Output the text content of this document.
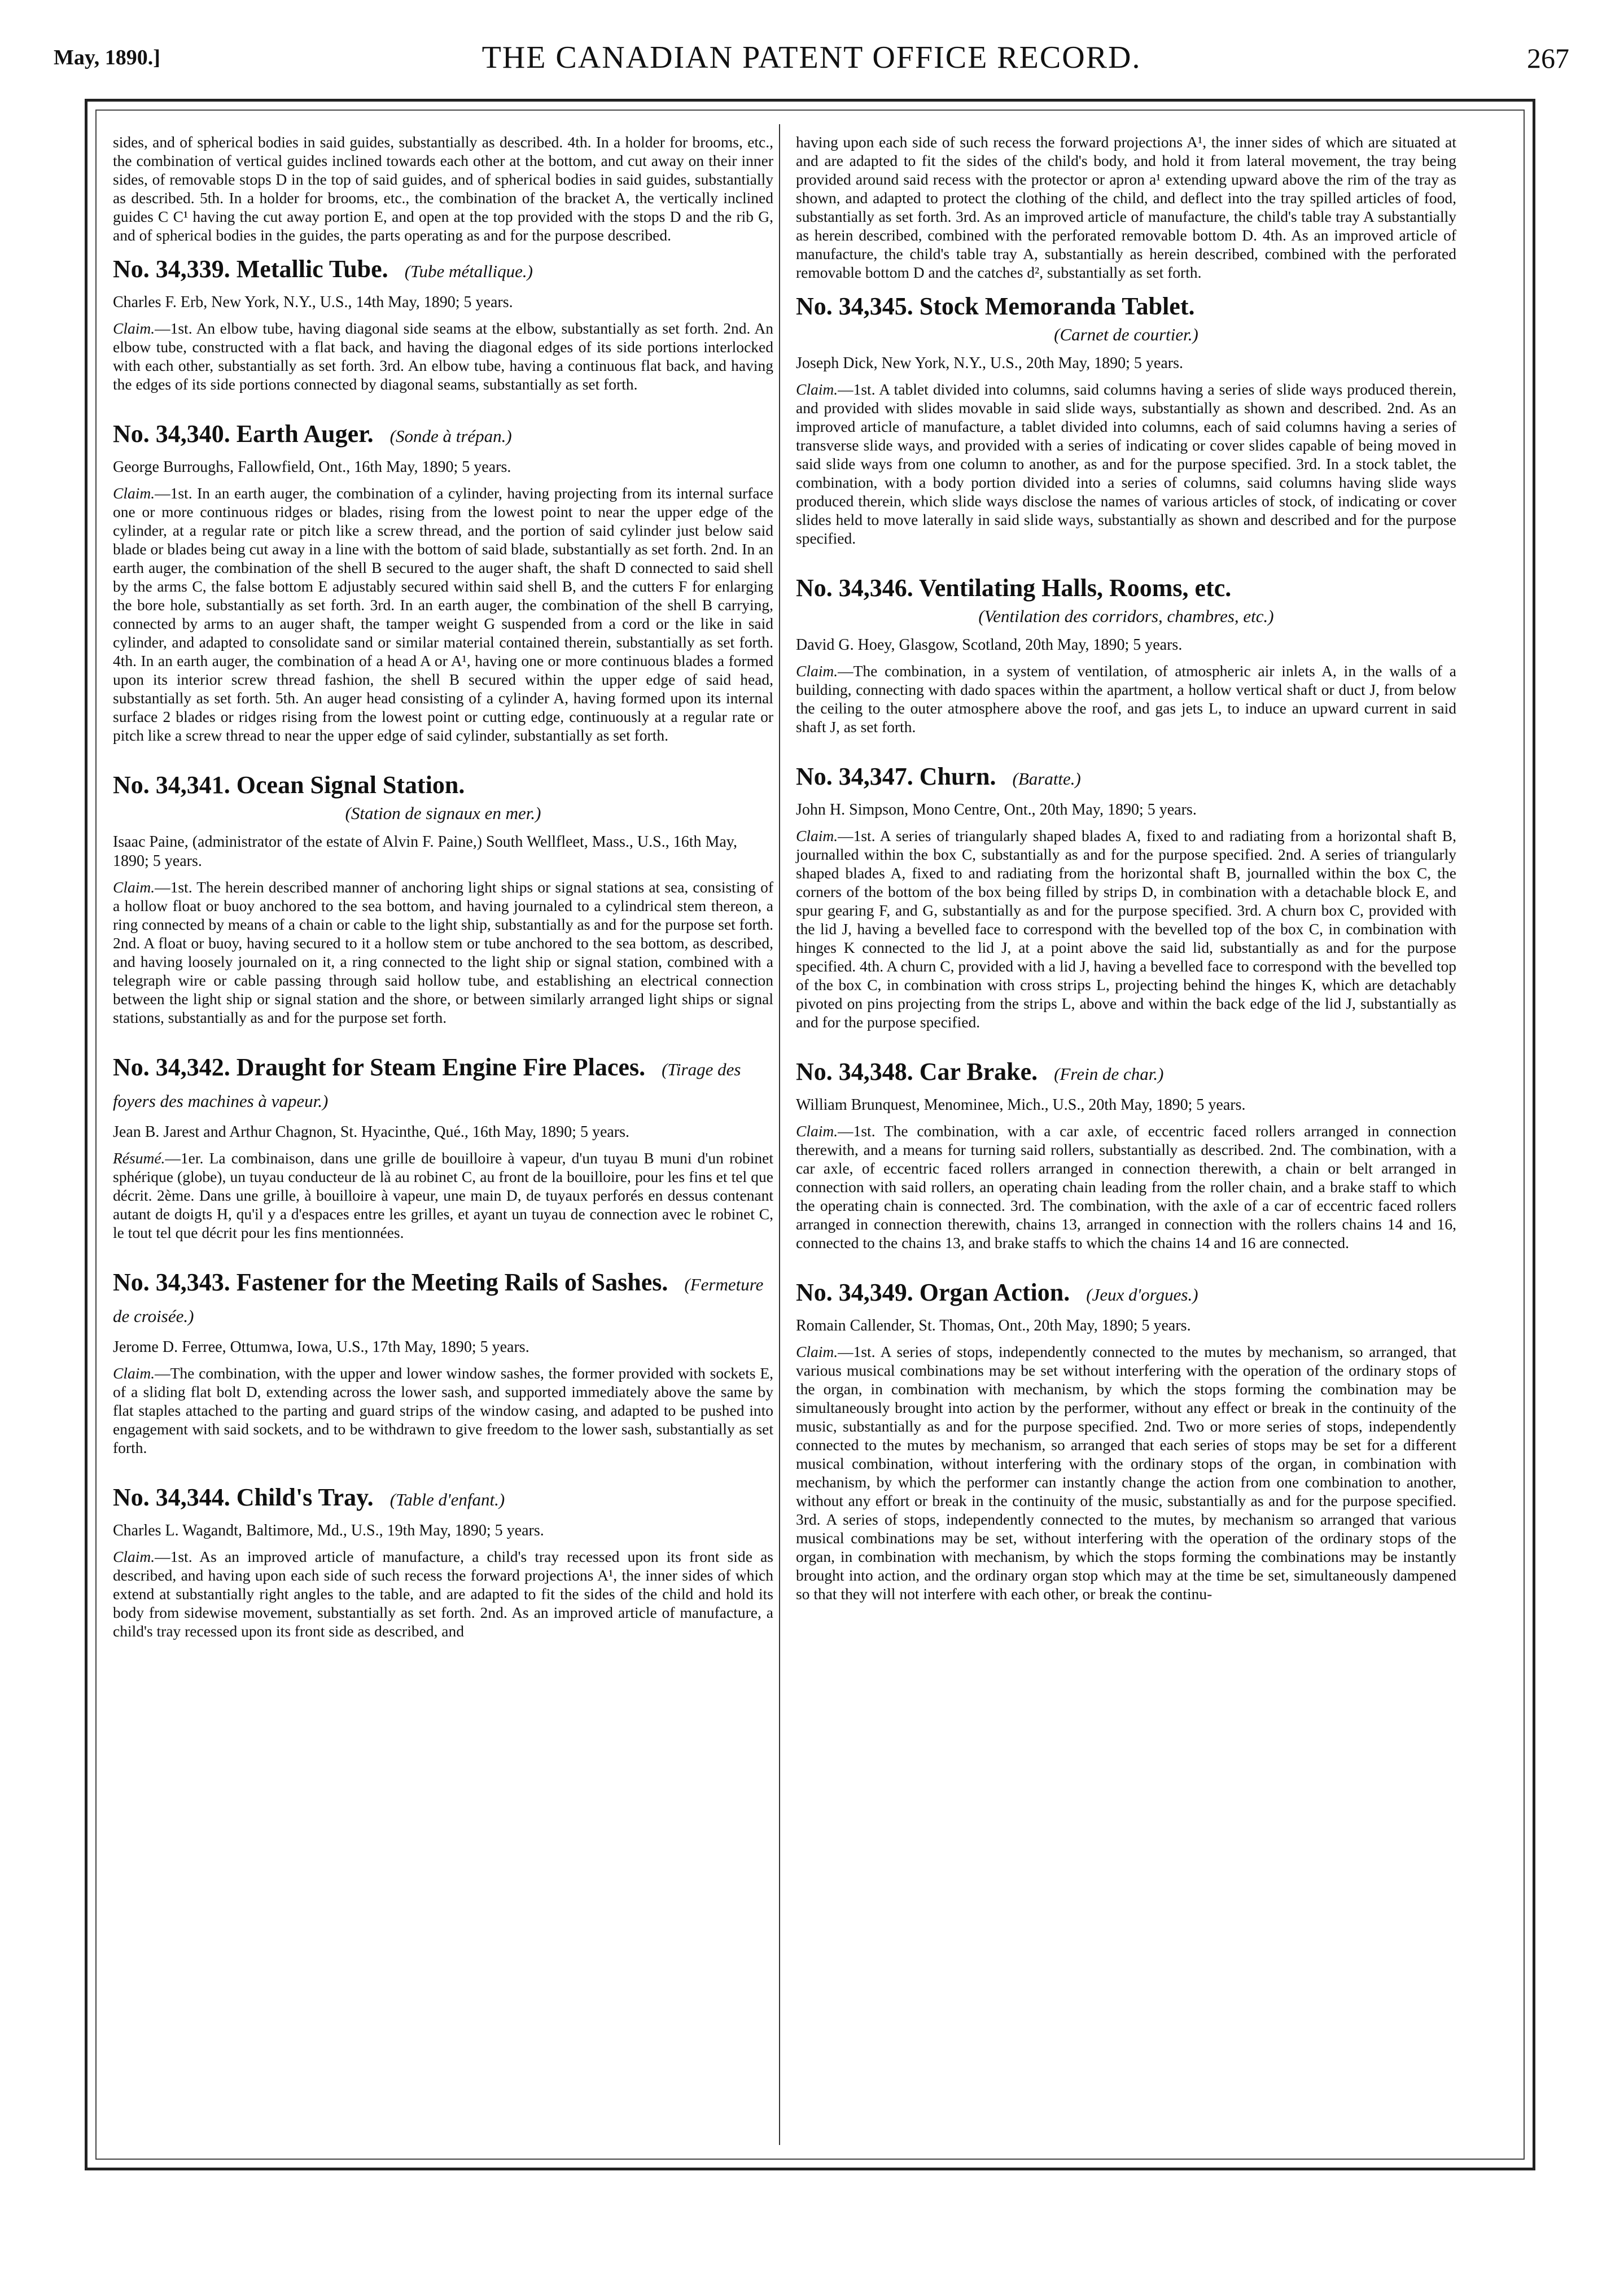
May, 1890.]	THE CANADIAN PATENT OFFICE RECORD.	267

sides, and of spherical bodies in said guides, substantially as described. 4th. In a holder for brooms, etc., the combination of vertical guides inclined towards each other at the bottom, and cut away on their inner sides, of removable stops D in the top of said guides, and of spherical bodies in said guides, substantially as described. 5th. In a holder for brooms, etc., the combination of the bracket A, the vertically inclined guides C C¹ having the cut away portion E, and open at the top provided with the stops D and the rib G, and of spherical bodies in the guides, the parts operating as and for the purpose described.

No. 34,339. Metallic Tube. (Tube métallique.)
Charles F. Erb, New York, N.Y., U.S., 14th May, 1890; 5 years.

Claim.—1st. An elbow tube, having diagonal side seams at the elbow, substantially as set forth. 2nd. An elbow tube, constructed with a flat back, and having the diagonal edges of its side portions interlocked with each other, substantially as set forth. 3rd. An elbow tube, having a continuous flat back, and having the edges of its side portions connected by diagonal seams, substantially as set forth.

No. 34,340. Earth Auger. (Sonde à trépan.)
George Burroughs, Fallowfield, Ont., 16th May, 1890; 5 years.

Claim.—1st. In an earth auger, the combination of a cylinder, having projecting from its internal surface one or more continuous ridges or blades, rising from the lowest point to near the upper edge of the cylinder, at a regular rate or pitch like a screw thread, and the portion of said cylinder just below said blade or blades being cut away in a line with the bottom of said blade, substantially as set forth. 2nd. In an earth auger, the combination of the shell B secured to the auger shaft, the shaft D connected to said shell by the arms C, the false bottom E adjustably secured within said shell B, and the cutters F for enlarging the bore hole, substantially as set forth. 3rd. In an earth auger, the combination of the shell B carrying, connected by arms to an auger shaft, the tamper weight G suspended from a cord or the like in said cylinder, and adapted to consolidate sand or similar material contained therein, substantially as set forth. 4th. In an earth auger, the combination of a head A or A¹, having one or more continuous blades a formed upon its interior screw thread fashion, the shell B secured within the upper edge of said head, substantially as set forth. 5th. An auger head consisting of a cylinder A, having formed upon its internal surface 2 blades or ridges rising from the lowest point or cutting edge, continuously at a regular rate or pitch like a screw thread to near the upper edge of said cylinder, substantially as set forth.

No. 34,341. Ocean Signal Station.
(Station de signaux en mer.)
Isaac Paine, (administrator of the estate of Alvin F. Paine,) South Wellfleet, Mass., U.S., 16th May, 1890; 5 years.

Claim.—1st. The herein described manner of anchoring light ships or signal stations at sea, consisting of a hollow float or buoy anchored to the sea bottom, and having journaled to a cylindrical stem thereon, a ring connected by means of a chain or cable to the light ship, substantially as and for the purpose set forth. 2nd. A float or buoy, having secured to it a hollow stem or tube anchored to the sea bottom, as described, and having loosely journaled on it, a ring connected to the light ship or signal station, combined with a telegraph wire or cable passing through said hollow tube, and establishing an electrical connection between the light ship or signal station and the shore, or between similarly arranged light ships or signal stations, substantially as and for the purpose set forth.

No. 34,342. Draught for Steam Engine Fire Places. (Tirage des foyers des machines à vapeur.)
Jean B. Jarest and Arthur Chagnon, St. Hyacinthe, Qué., 16th May, 1890; 5 years.

Résumé.—1er. La combinaison, dans une grille de bouilloire à vapeur, d'un tuyau B muni d'un robinet sphérique (globe), un tuyau conducteur de là au robinet C, au front de la bouilloire, pour les fins et tel que décrit. 2ème. Dans une grille, à bouilloire à vapeur, une main D, de tuyaux perforés en dessus contenant autant de doigts H, qu'il y a d'espaces entre les grilles, et ayant un tuyau de connection avec le robinet C, le tout tel que décrit pour les fins mentionnées.

No. 34,343. Fastener for the Meeting Rails of Sashes. (Fermeture de croisée.)
Jerome D. Ferree, Ottumwa, Iowa, U.S., 17th May, 1890; 5 years.

Claim.—The combination, with the upper and lower window sashes, the former provided with sockets E, of a sliding flat bolt D, extending across the lower sash, and supported immediately above the same by flat staples attached to the parting and guard strips of the window casing, and adapted to be pushed into engagement with said sockets, and to be withdrawn to give freedom to the lower sash, substantially as set forth.

No. 34,344. Child's Tray. (Table d'enfant.)
Charles L. Wagandt, Baltimore, Md., U.S., 19th May, 1890; 5 years.

Claim.—1st. As an improved article of manufacture, a child's tray recessed upon its front side as described, and having upon each side of such recess the forward projections A¹, the inner sides of which extend at substantially right angles to the table, and are adapted to fit the sides of the child and hold its body from sidewise movement, substantially as set forth. 2nd. As an improved article of manufacture, a child's tray recessed upon its front side as described, and

having upon each side of such recess the forward projections A¹, the inner sides of which are situated at and are adapted to fit the sides of the child's body, and hold it from lateral movement, the tray being provided around said recess with the protector or apron a¹ extending upward above the rim of the tray as shown, and adapted to protect the clothing of the child, and deflect into the tray spilled articles of food, substantially as set forth. 3rd. As an improved article of manufacture, the child's table tray A substantially as herein described, combined with the perforated removable bottom D. 4th. As an improved article of manufacture, the child's table tray A, substantially as herein described, combined with the perforated removable bottom D and the catches d², substantially as set forth.

No. 34,345. Stock Memoranda Tablet.
(Carnet de courtier.)
Joseph Dick, New York, N.Y., U.S., 20th May, 1890; 5 years.

Claim.—1st. A tablet divided into columns, said columns having a series of slide ways produced therein, and provided with slides movable in said slide ways, substantially as shown and described. 2nd. As an improved article of manufacture, a tablet divided into columns, each of said columns having a series of transverse slide ways, and provided with a series of indicating or cover slides capable of being moved in said slide ways from one column to another, as and for the purpose specified. 3rd. In a stock tablet, the combination, with a body portion divided into a series of columns, said columns having slide ways produced therein, which slide ways disclose the names of various articles of stock, of indicating or cover slides held to move laterally in said slide ways, substantially as shown and described and for the purpose specified.

No. 34,346. Ventilating Halls, Rooms, etc.
(Ventilation des corridors, chambres, etc.)
David G. Hoey, Glasgow, Scotland, 20th May, 1890; 5 years.

Claim.—The combination, in a system of ventilation, of atmospheric air inlets A, in the walls of a building, connecting with dado spaces within the apartment, a hollow vertical shaft or duct J, from below the ceiling to the outer atmosphere above the roof, and gas jets L, to induce an upward current in said shaft J, as set forth.

No. 34,347. Churn. (Baratte.)
John H. Simpson, Mono Centre, Ont., 20th May, 1890; 5 years.

Claim.—1st. A series of triangularly shaped blades A, fixed to and radiating from a horizontal shaft B, journalled within the box C, substantially as and for the purpose specified. 2nd. A series of triangularly shaped blades A, fixed to and radiating from the horizontal shaft B, journalled within the box C, the corners of the bottom of the box being filled by strips D, in combination with a detachable block E, and spur gearing F, and G, substantially as and for the purpose specified. 3rd. A churn box C, provided with the lid J, having a bevelled face to correspond with the bevelled top of the box C, in combination with hinges K connected to the lid J, at a point above the said lid, substantially as and for the purpose specified. 4th. A churn C, provided with a lid J, having a bevelled face to correspond with the bevelled top of the box C, in combination with cross strips L, projecting behind the hinges K, which are detachably pivoted on pins projecting from the strips L, above and within the back edge of the lid J, substantially as and for the purpose specified.

No. 34,348. Car Brake. (Frein de char.)
William Brunquest, Menominee, Mich., U.S., 20th May, 1890; 5 years.

Claim.—1st. The combination, with a car axle, of eccentric faced rollers arranged in connection therewith, and a means for turning said rollers, substantially as described. 2nd. The combination, with a car axle, of eccentric faced rollers arranged in connection therewith, a chain or belt arranged in connection with said rollers, an operating chain leading from the roller chain, and a brake staff to which the operating chain is connected. 3rd. The combination, with the axle of a car of eccentric faced rollers arranged in connection therewith, chains 13, arranged in connection with the rollers chains 14 and 16, connected to the chains 13, and brake staffs to which the chains 14 and 16 are connected.

No. 34,349. Organ Action. (Jeux d'orgues.)
Romain Callender, St. Thomas, Ont., 20th May, 1890; 5 years.

Claim.—1st. A series of stops, independently connected to the mutes by mechanism, so arranged, that various musical combinations may be set without interfering with the operation of the ordinary stops of the organ, in combination with mechanism, by which the stops forming the combination may be simultaneously brought into action by the performer, without any effect or break in the continuity of the music, substantially as and for the purpose specified. 2nd. Two or more series of stops, independently connected to the mutes by mechanism, so arranged that each series of stops may be set for a different musical combination, without interfering with the ordinary stops of the organ, in combination with mechanism, by which the performer can instantly change the action from one combination to another, without any effort or break in the continuity of the music, substantially as and for the purpose specified. 3rd. A series of stops, independently connected to the mutes, by mechanism so arranged that various musical combinations may be set, without interfering with the operation of the ordinary stops of the organ, in combination with mechanism, by which the stops forming the combinations may be instantly brought into action, and the ordinary organ stop which may at the time be set, simultaneously dampened so that they will not interfere with each other, or break the continu-
